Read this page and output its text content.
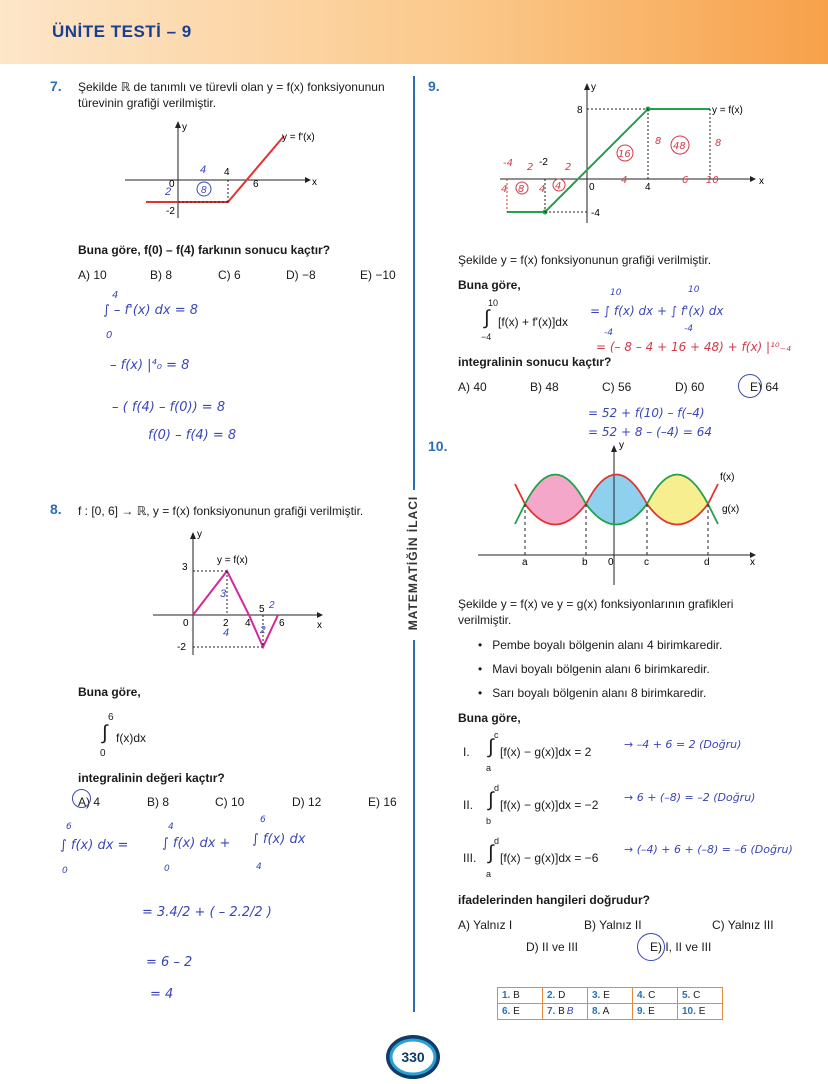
ÜNİTE TESTİ – 9
MATEMATİĞİN İLACI
7. Şekilde ℝ de tanımlı ve türevli olan y = f(x) fonksiyonunun türevinin grafiği verilmiştir.
y = f'(x)
x
y
0
4
6
-2
4
2	8
Buna göre, f(0) – f(4) farkının sonucu kaçtır?
A) 10	B) 8	C) 6	D) −8	E) −10
4
∫ – f'(x) dx = 8
0
– f(x) |⁴₀ = 8
– ( f(4) – f(0)) = 8
f(0) – f(4) = 8
8. f : [0, 6] → ℝ, y = f(x) fonksiyonunun grafiği verilmiştir.
y = f(x)
x
y
0	2 4
5
6
3
-2
3
4
2
2
Buna göre,
6
∫
0
f(x)dx
integralinin değeri kaçtır?
A) 4	B) 8	C) 10	D) 12	E) 16
6
0
∫ f(x) dx =
4
0
∫ f(x) dx +
6
4
∫ f(x) dx
= 3.4/2 + ( – 2.2/2 )
= 6 – 2
= 4
9.
y = f(x)
x
y
8
-2
0	4
-4
-4 2	2
16
8 48	8
4	6 10
4 8 4 4
Şekilde y = f(x) fonksiyonunun grafiği verilmiştir.
Buna göre,
10
∫
−4
[f(x) + f'(x)]dx
= ∫ f(x) dx + ∫ f'(x) dx
10
-4
10
-4
= (– 8 – 4 + 16 + 48) + f(x) |¹⁰₋₄
integralinin sonucu kaçtır?
A) 40	B) 48	C) 56	D) 60	E) 64
= 52 + f(10) – f(–4)
= 52 + 8 – (–4) = 64
10.
f(x)
g(x)
x
y
a	b 0	c	d
Şekilde y = f(x) ve y = g(x) fonksiyonlarının grafikleri verilmiştir.
•   Pembe boyalı bölgenin alanı 4 birimkaredir.
•   Mavi boyalı bölgenin alanı 6 birimkaredir.
•   Sarı boyalı bölgenin alanı 8 birimkaredir.
Buna göre,
I.
c
∫
a
[f(x) − g(x)]dx = 2
→ –4 + 6 = 2 (Doğru)
II.
d
∫
b
[f(x) − g(x)]dx = −2
→ 6 + (–8) = –2 (Doğru)
III.
d
∫
a
[f(x) − g(x)]dx = −6
→ (–4) + 6 + (–8) = –6 (Doğru)
ifadelerinden hangileri doğrudur?
A) Yalnız I	B) Yalnız II	C) Yalnız III
D) II ve III	E) I, II ve III
1. B	2. D	3. E	4. C	5. C
6. E	7. B B	8. A	9. E	10. E
330
